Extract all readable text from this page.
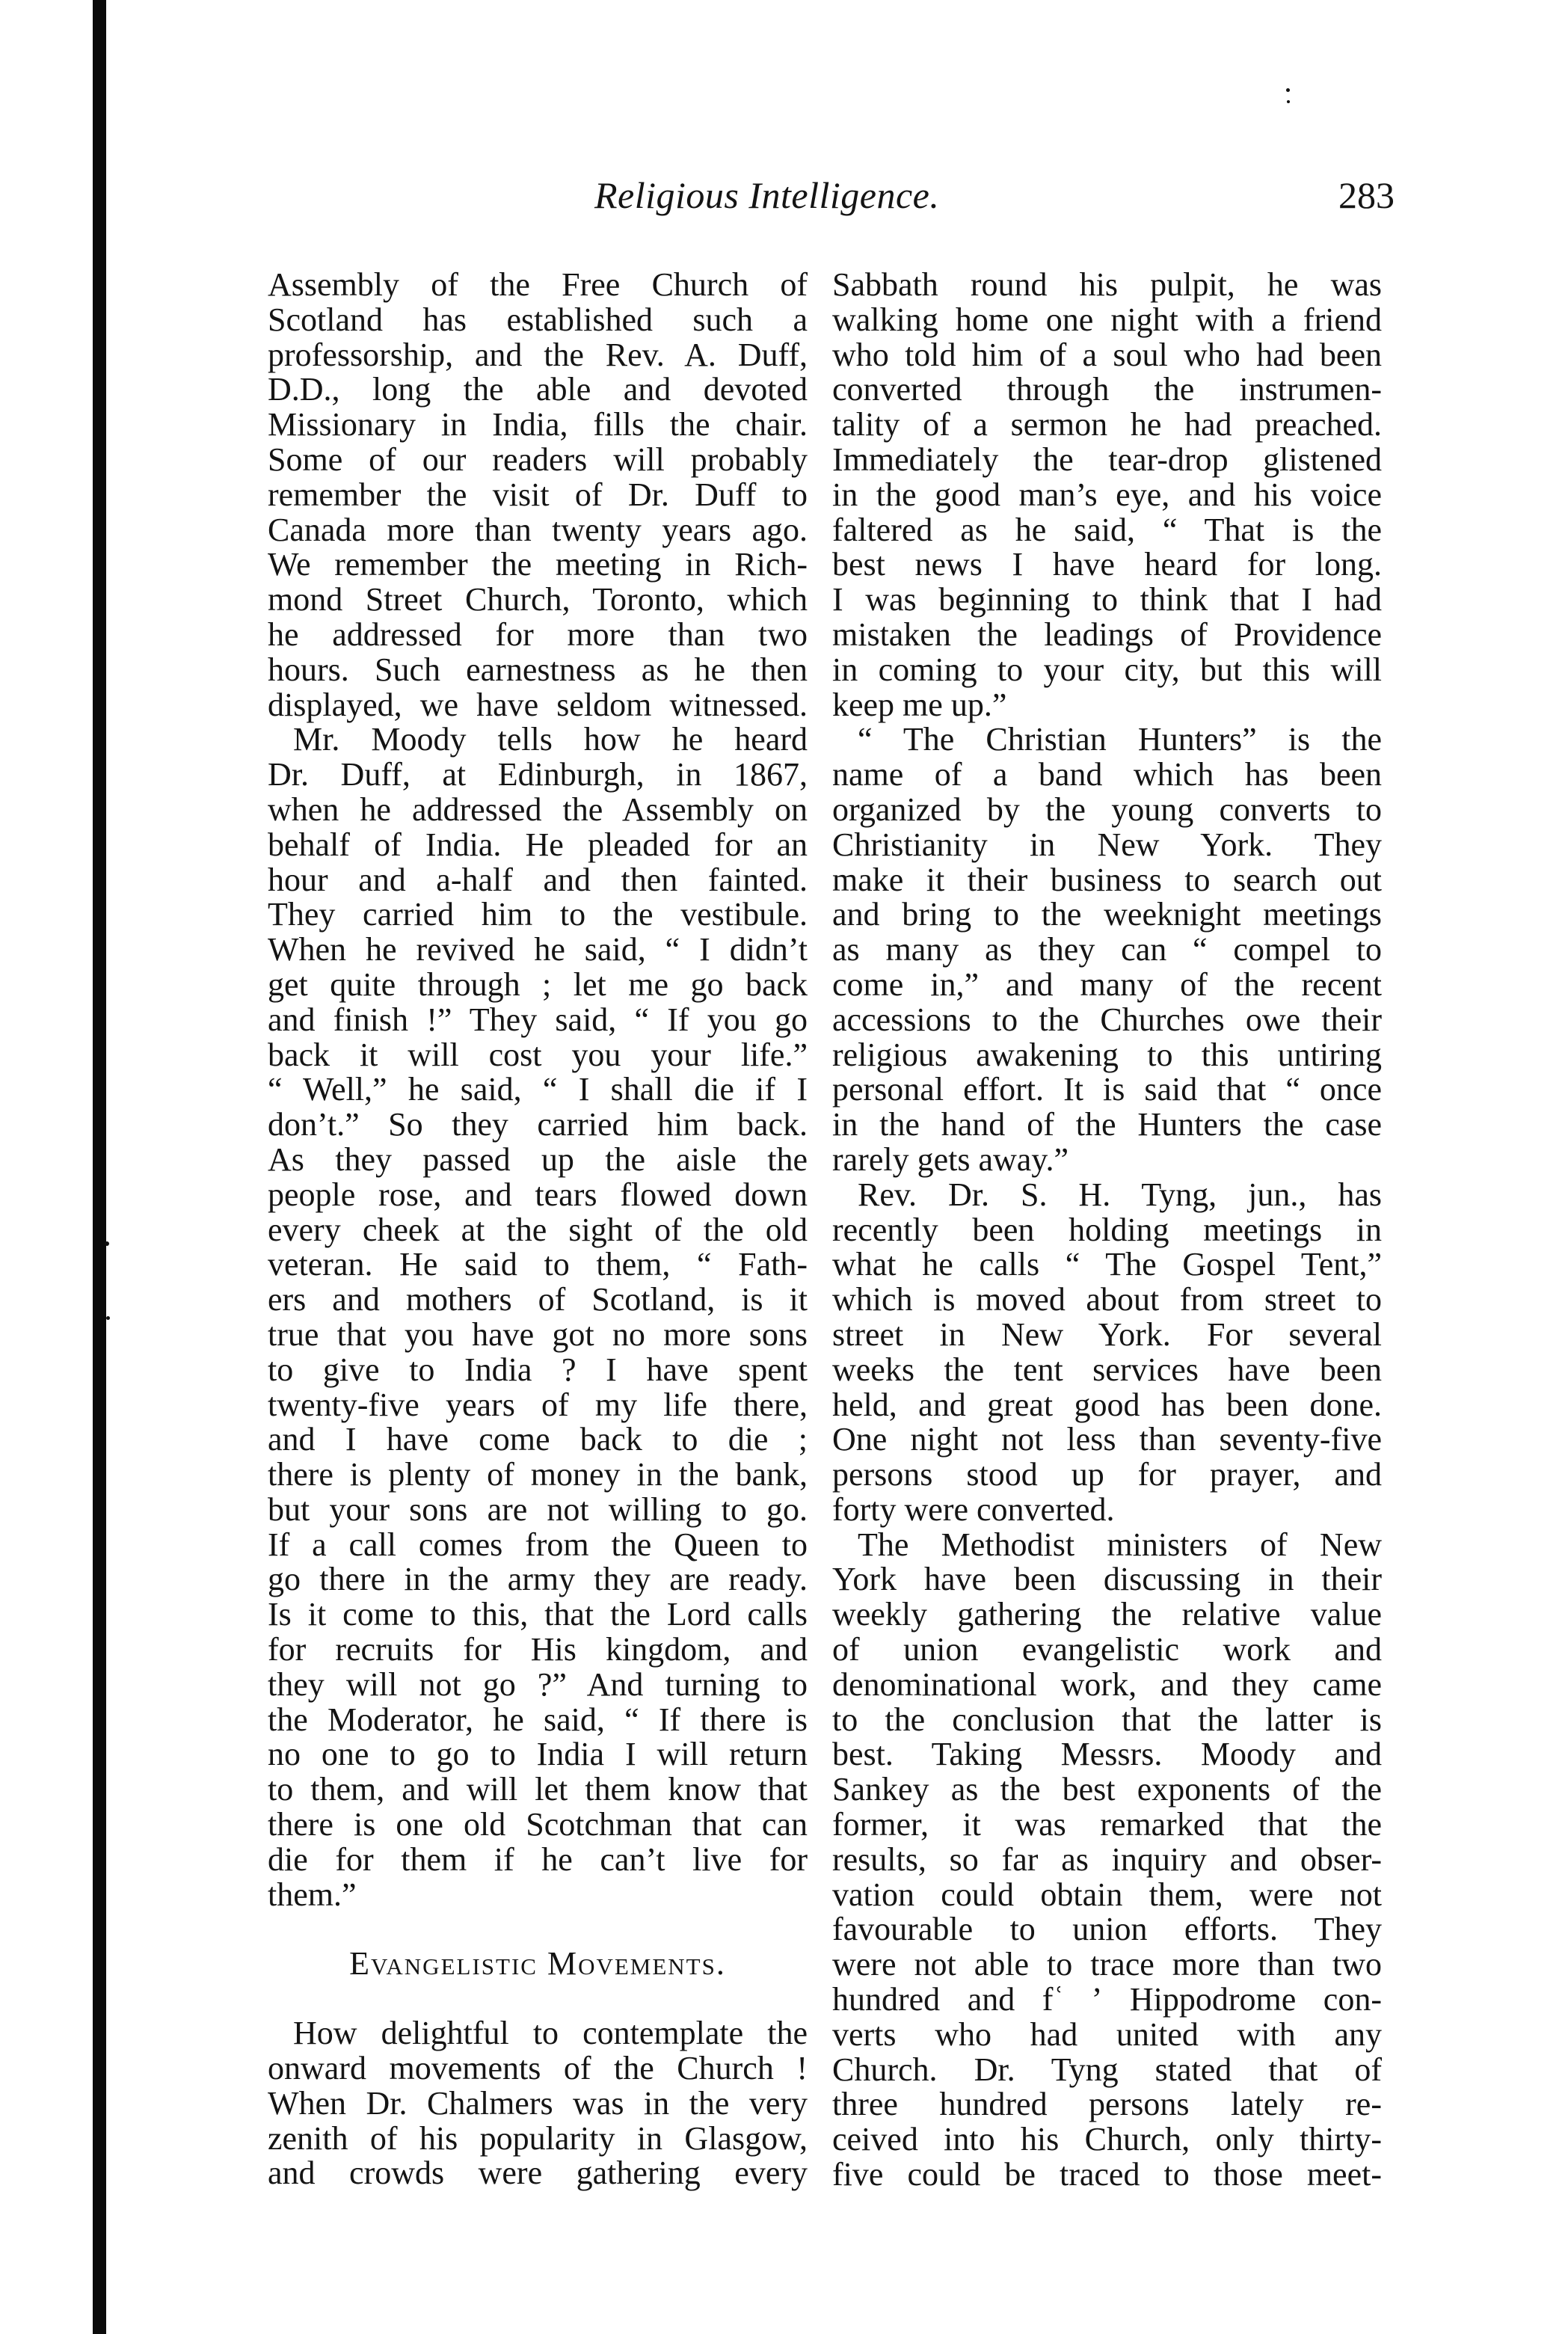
Religious Intelligence.	283
Assembly of the Free Church of
Scotland has established such a
professorship, and the Rev. A. Duff,
D.D., long the able and devoted
Missionary in India, fills the chair.
Some of our readers will probably
remember the visit of Dr. Duff to
Canada more than twenty years ago.
We remember the meeting in Rich-
mond Street Church, Toronto, which
he addressed for more than two
hours. Such earnestness as he then
displayed, we have seldom witnessed.
Mr. Moody tells how he heard
Dr. Duff, at Edinburgh, in 1867,
when he addressed the Assembly on
behalf of India. He pleaded for an
hour and a-half and then fainted.
They carried him to the vestibule.
When he revived he said, “ I didn’t
get quite through ; let me go back
and finish !” They said, “ If you go
back it will cost you your life.”
“ Well,” he said, “ I shall die if I
don’t.” So they carried him back.
As they passed up the aisle the
people rose, and tears flowed down
every cheek at the sight of the old
veteran. He said to them, “ Fath-
ers and mothers of Scotland, is it
true that you have got no more sons
to give to India ? I have spent
twenty-five years of my life there,
and I have come back to die ;
there is plenty of money in the bank,
but your sons are not willing to go.
If a call comes from the Queen to
go there in the army they are ready.
Is it come to this, that the Lord calls
for recruits for His kingdom, and
they will not go ?” And turning to
the Moderator, he said, “ If there is
no one to go to India I will return
to them, and will let them know that
there is one old Scotchman that can
die for them if he can’t live for
them.”
Evangelistic Movements.
How delightful to contemplate the
onward movements of the Church !
When Dr. Chalmers was in the very
zenith of his popularity in Glasgow,
and crowds were gathering every
Sabbath round his pulpit, he was
walking home one night with a friend
who told him of a soul who had been
converted through the instrumen-
tality of a sermon he had preached.
Immediately the tear-drop glistened
in the good man’s eye, and his voice
faltered as he said, “ That is the
best news I have heard for long.
I was beginning to think that I had
mistaken the leadings of Providence
in coming to your city, but this will
keep me up.”
“ The Christian Hunters” is the
name of a band which has been
organized by the young converts to
Christianity in New York. They
make it their business to search out
and bring to the weeknight meetings
as many as they can “ compel to
come in,” and many of the recent
accessions to the Churches owe their
religious awakening to this untiring
personal effort. It is said that “ once
in the hand of the Hunters the case
rarely gets away.”
Rev. Dr. S. H. Tyng, jun., has
recently been holding meetings in
what he calls “ The Gospel Tent,”
which is moved about from street to
street in New York. For several
weeks the tent services have been
held, and great good has been done.
One night not less than seventy-five
persons stood up for prayer, and
forty were converted.
The Methodist ministers of New
York have been discussing in their
weekly gathering the relative value
of union evangelistic work and
denominational work, and they came
to the conclusion that the latter is
best. Taking Messrs. Moody and
Sankey as the best exponents of the
former, it was remarked that the
results, so far as inquiry and obser-
vation could obtain them, were not
favourable to union efforts. They
were not able to trace more than two
hundred and fʿ ʼ Hippodrome con-
verts who had united with any
Church. Dr. Tyng stated that of
three hundred persons lately re-
ceived into his Church, only thirty-
five could be traced to those meet-
